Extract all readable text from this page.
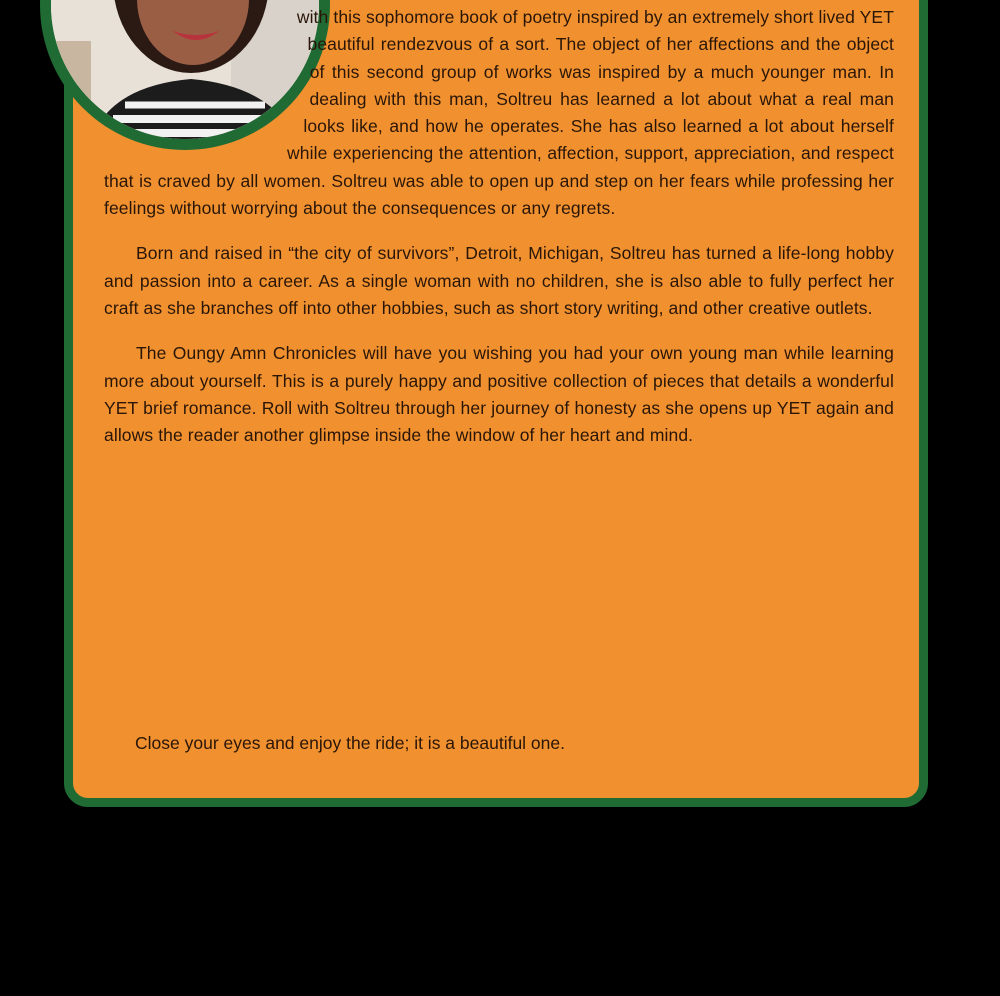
with this sophomore book of poetry inspired by an extremely short lived YET beautiful rendezvous of a sort. The object of her affections and the object of this second group of works was inspired by a much younger man. In dealing with this man, Soltreu has learned a lot about what a real man looks like, and how he operates. She has also learned a lot about herself while experiencing the attention, affection, support, appreciation, and respect that is craved by all women. Soltreu was able to open up and step on her fears while professing her feelings without worrying about the consequences or any regrets.

Born and raised in “the city of survivors”, Detroit, Michigan, Soltreu has turned a life-long hobby and passion into a career. As a single woman with no children, she is also able to fully perfect her craft as she branches off into other hobbies, such as short story writing, and other creative outlets.

The Oungy Amn Chronicles will have you wishing you had your own young man while learning more about yourself. This is a purely happy and positive collection of pieces that details a wonderful YET brief romance. Roll with Soltreu through her journey of honesty as she opens up YET again and allows the reader another glimpse inside the window of her heart and mind.

Close your eyes and enjoy the ride; it is a beautiful one.
